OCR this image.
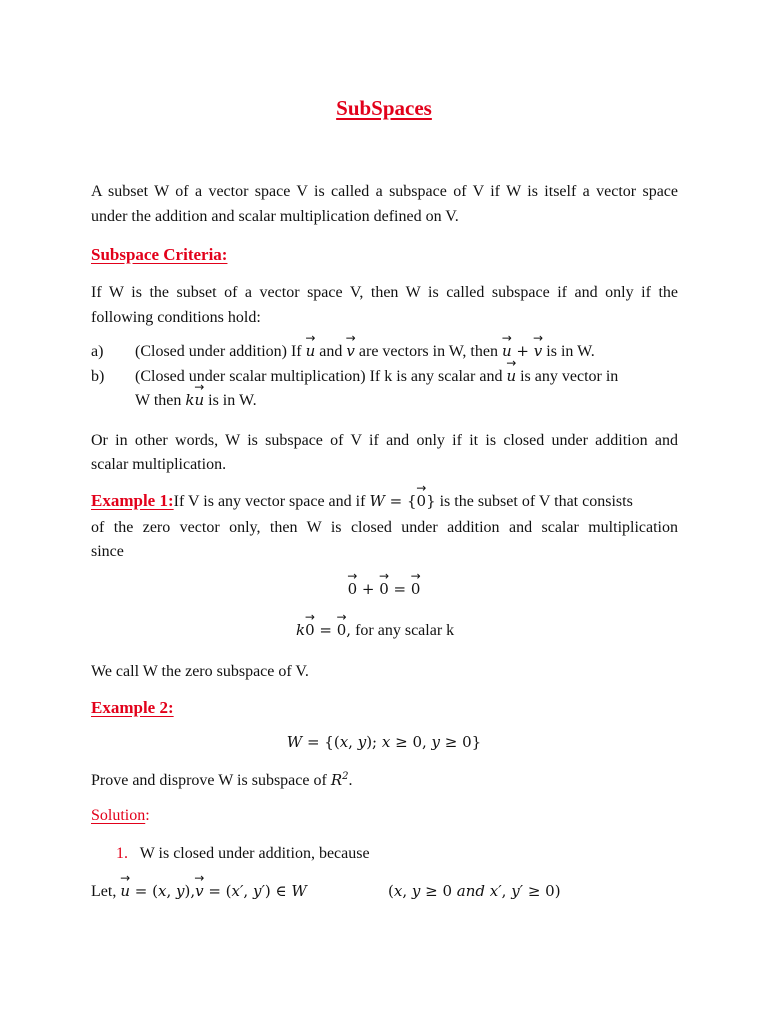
SubSpaces
A subset W of a vector space V is called a subspace of V if W is itself a vector space
under the addition and scalar multiplication defined on V.
Subspace Criteria:
If W is the subset of a vector space V, then W is called subspace if and only if the
following conditions hold:
a) (Closed under addition) If → u and → v are vectors in W, then → u + → v is in W.
b) (Closed under scalar multiplication) If k is any scalar and → u is any vector in
W then k→ u is in W.
Or in other words, W is subspace of V if and only if it is closed under addition and
scalar multiplication.
Example 1:If V is any vector space and if W = {→ 0} is the subset of V that consists
of the zero vector only, then W is closed under addition and scalar multiplication
since
→ 0 + → 0 = → 0
k→ 0 = → 0, for any scalar k
We call W the zero subspace of V.
Example 2:
W = {(x, y); x ≥ 0, y ≥ 0}
Prove and disprove W is subspace of $R^2$.
Solution:
1. W is closed under addition, because
Let, → u = (x, y),→ v = (x′, y′) ∈ W	(x, y ≥ 0 and x′, y′ ≥ 0)
